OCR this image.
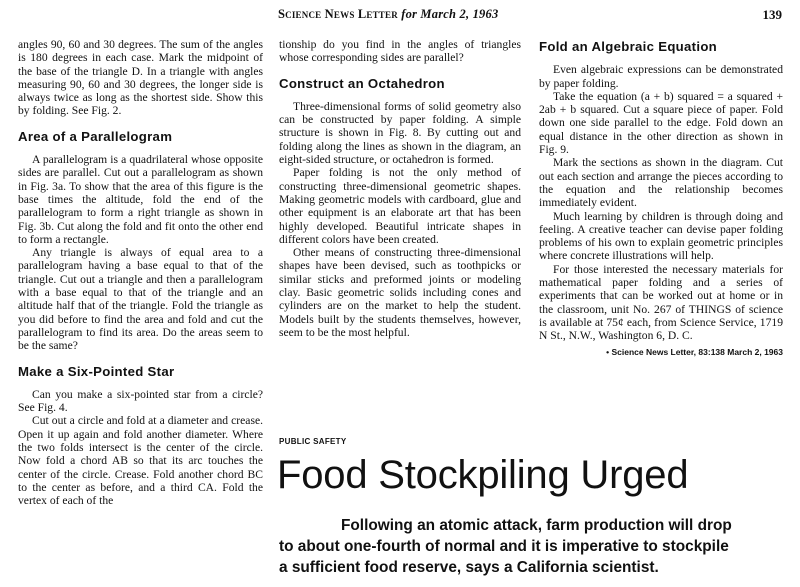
Science News Letter for March 2, 1963	139

angles 90, 60 and 30 degrees. The sum of the angles is 180 degrees in each case. Mark the midpoint of the base of the triangle D. In a triangle with angles measuring 90, 60 and 30 degrees, the longer side is always twice as long as the shortest side. Show this by folding. See Fig. 2.

Area of a Parallelogram

A parallelogram is a quadrilateral whose opposite sides are parallel. Cut out a parallelogram as shown in Fig. 3a. To show that the area of this figure is the base times the altitude, fold the end of the parallelogram to form a right triangle as shown in Fig. 3b. Cut along the fold and fit onto the other end to form a rectangle.

Any triangle is always of equal area to a parallelogram having a base equal to that of the triangle. Cut out a triangle and then a parallelogram with a base equal to that of the triangle and an altitude half that of the triangle. Fold the triangle as you did before to find the area and fold and cut the parallelogram to find its area. Do the areas seem to be the same?

Make a Six-Pointed Star

Can you make a six-pointed star from a circle? See Fig. 4.

Cut out a circle and fold at a diameter and crease. Open it up again and fold another diameter. Where the two folds intersect is the center of the circle. Now fold a chord AB so that its arc touches the center of the circle. Crease. Fold another chord BC to the center as before, and a third CA. Fold the vertex of each of the

tionship do you find in the angles of triangles whose corresponding sides are parallel?

Construct an Octahedron

Three-dimensional forms of solid geometry also can be constructed by paper folding. A simple structure is shown in Fig. 8. By cutting out and folding along the lines as shown in the diagram, an eight-sided structure, or octahedron is formed.

Paper folding is not the only method of constructing three-dimensional geometric shapes. Making geometric models with cardboard, glue and other equipment is an elaborate art that has been highly developed. Beautiful intricate shapes in different colors have been created.

Other means of constructing three-dimensional shapes have been devised, such as toothpicks or similar sticks and preformed joints or modeling clay. Basic geometric solids including cones and cylinders are on the market to help the student. Models built by the students themselves, however, seem to be the most helpful.

Fold an Algebraic Equation

Even algebraic expressions can be demonstrated by paper folding.

Take the equation (a + b) squared = a squared + 2ab + b squared. Cut a square piece of paper. Fold down one side parallel to the edge. Fold down an equal distance in the other direction as shown in Fig. 9.

Mark the sections as shown in the diagram. Cut out each section and arrange the pieces according to the equation and the relationship becomes immediately evident.

Much learning by children is through doing and feeling. A creative teacher can devise paper folding problems of his own to explain geometric principles where concrete illustrations will help.

For those interested the necessary materials for mathematical paper folding and a series of experiments that can be worked out at home or in the classroom, unit No. 267 of THINGS of science is available at 75¢ each, from Science Service, 1719 N St., N.W., Washington 6, D. C.

• Science News Letter, 83:138 March 2, 1963
PUBLIC SAFETY
Food Stockpiling Urged
Following an atomic attack, farm production will drop
to about one-fourth of normal and it is imperative to stockpile
a sufficient food reserve, says a California scientist.
